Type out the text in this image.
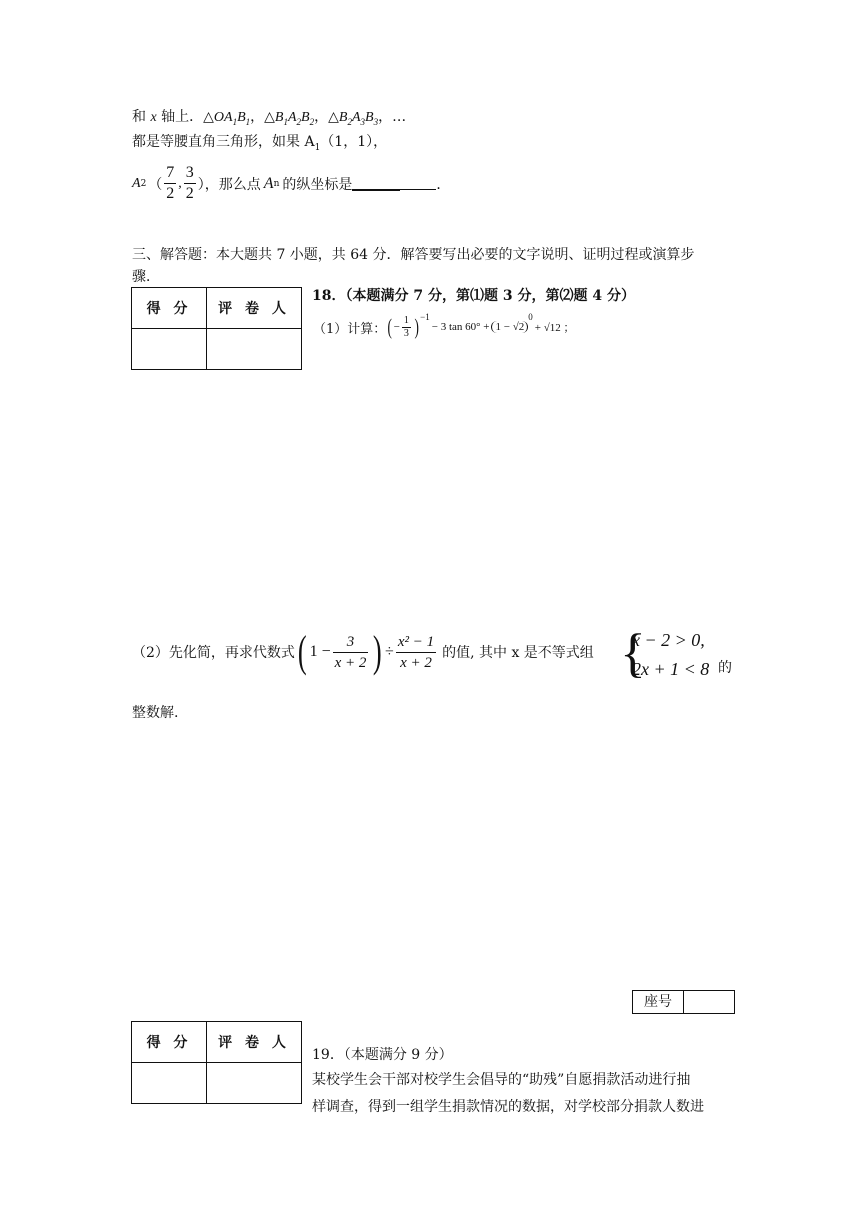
和 x 轴上．$\triangle OA_1B_1$，$\triangle B_1A_2B_2$，$\triangle B_2A_3B_3$，…
都是等腰直角三角形，如果 $A_1(1$，1），
A 2 （ $\frac{7}{2}$ , $\frac{3}{2}$ ），那么点 A n 的纵坐标是	．
三、解答题：本大题共 7 小题，共 64 分．解答要写出必要的文字说明、证明过程或演算步
骤．
得 分	评 卷 人

18．（本题满分 7 分，第⑴题 3 分，第⑵题 4 分）
（1）计算： ( − $\frac{1}{3} )^{-1}$
− 3 tan 60° + 1 − √2
$^0$
+ √12 ；
（2）先化简，再求代数式 ( $1 - \frac{3}{x + 2}$ ) ÷ $\frac{\text{x² − 1}}{x + 2}$ 的值, 其中 x 是不等式组 {
x − 2 > 0,
2x + 1 < 8 的
整数解.
座号
得 分	评 卷 人

19．（本题满分 9 分）
某校学生会干部对校学生会倡导的“助残”自愿捐款活动进行抽
样调查，得到一组学生捐款情况的数据，对学校部分捐款人数进
